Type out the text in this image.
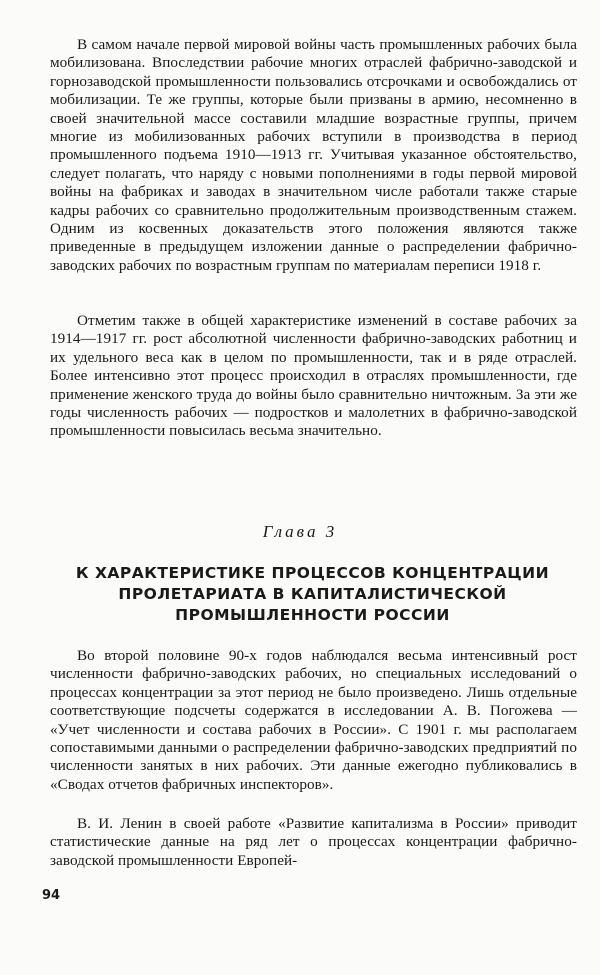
В самом начале первой мировой войны часть промышленных рабочих была мобилизована. Впоследствии рабочие многих отраслей фабрично-заводской и горнозаводской промышленности пользовались отсрочками и освобождались от мобилизации. Те же группы, которые были призваны в армию, несомненно в своей значительной массе составили младшие возрастные группы, причем многие из мобилизованных рабочих вступили в производства в период промышленного подъема 1910—1913 гг. Учитывая указанное обстоятельство, следует полагать, что наряду с новыми пополнениями в годы первой мировой войны на фабриках и заводах в значительном числе работали также старые кадры рабочих со сравнительно продолжительным производственным стажем. Одним из косвенных доказательств этого положения являются также приведенные в предыдущем изложении данные о распределении фабрично-заводских рабочих по возрастным группам по материалам переписи 1918 г.

Отметим также в общей характеристике изменений в составе рабочих за 1914—1917 гг. рост абсолютной численности фабрично-заводских работниц и их удельного веса как в целом по промышленности, так и в ряде отраслей. Более интенсивно этот процесс происходил в отраслях промышленности, где применение женского труда до войны было сравнительно ничтожным. За эти же годы численность рабочих — подростков и малолетних в фабрично-заводской промышленности повысилась весьма значительно.

Глава 3
К ХАРАКТЕРИСТИКЕ ПРОЦЕССОВ КОНЦЕНТРАЦИИ
ПРОЛЕТАРИАТА В КАПИТАЛИСТИЧЕСКОЙ
ПРОМЫШЛЕННОСТИ РОССИИ

Во второй половине 90-х годов наблюдался весьма интенсивный рост численности фабрично-заводских рабочих, но специальных исследований о процессах концентрации за этот период не было произведено. Лишь отдельные соответствующие подсчеты содержатся в исследовании А. В. Погожева — «Учет численности и состава рабочих в России». С 1901 г. мы располагаем сопоставимыми данными о распределении фабрично-заводских предприятий по численности занятых в них рабочих. Эти данные ежегодно публиковались в «Сводах отчетов фабричных инспекторов».

В. И. Ленин в своей работе «Развитие капитализма в России» приводит статистические данные на ряд лет о процессах концентрации фабрично-заводской промышленности Европей-

94
